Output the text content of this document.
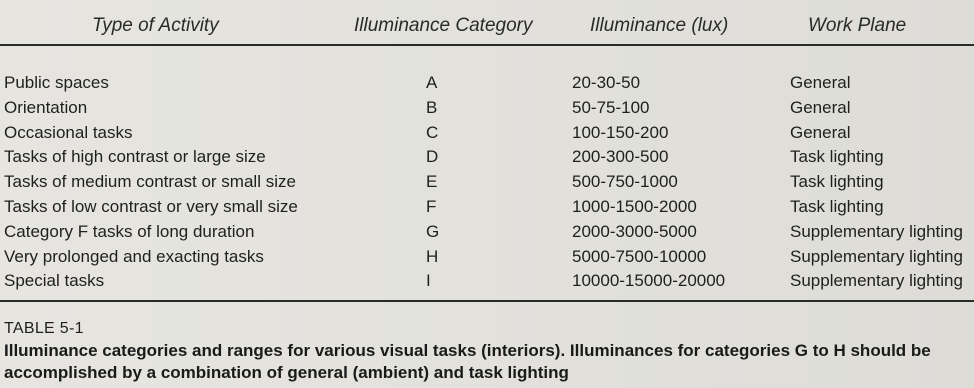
Type of Activity	Illuminance Category	Illuminance (lux)	Work Plane
Public spaces	A	20-30-50	General
Orientation	B	50-75-100	General
Occasional tasks	C	100-150-200	General
Tasks of high contrast or large size	D	200-300-500	Task lighting
Tasks of medium contrast or small size	E	500-750-1000	Task lighting
Tasks of low contrast or very small size	F	1000-1500-2000	Task lighting
Category F tasks of long duration	G	2000-3000-5000	Supplementary lighting
Very prolonged and exacting tasks	H	5000-7500-10000	Supplementary lighting
Special tasks	I	10000-15000-20000	Supplementary lighting
TABLE 5-1
Illuminance categories and ranges for various visual tasks (interiors). Illuminances for categories G to H should be accomplished by a combination of general (ambient) and task lighting
